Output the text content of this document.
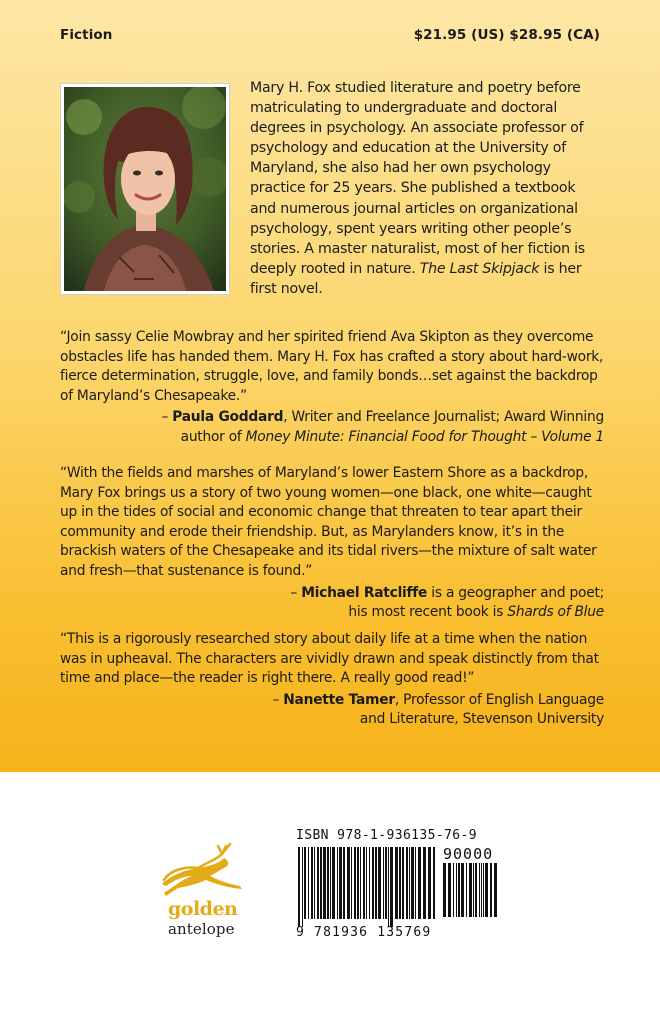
Fiction	$21.95 (US) $28.95 (CA)

Mary H. Fox studied literature and poetry before matriculating to undergraduate and doctoral degrees in psychology. An associate professor of psychology and education at the University of Maryland, she also had her own psychology practice for 25 years. She published a textbook and numerous journal articles on organizational psychology, spent years writing other people’s stories. A master naturalist, most of her fiction is deeply rooted in nature. The Last Skipjack is her first novel.

“Join sassy Celie Mowbray and her spirited friend Ava Skipton as they overcome obstacles life has handed them. Mary H. Fox has crafted a story about hard-work, fierce determination, struggle, love, and family bonds…set against the backdrop of Maryland’s Chesapeake.”

– Paula Goddard, Writer and Freelance Journalist; Award Winning
author of Money Minute: Financial Food for Thought – Volume 1

“With the fields and marshes of Maryland’s lower Eastern Shore as a backdrop, Mary Fox brings us a story of two young women—one black, one white—caught up in the tides of social and economic change that threaten to tear apart their community and erode their friendship. But, as Marylanders know, it’s in the brackish waters of the Chesapeake and its tidal rivers—the mixture of salt water and fresh—that sustenance is found.”

– Michael Ratcliffe is a geographer and poet;
his most recent book is Shards of Blue

“This is a rigorously researched story about daily life at a time when the nation was in upheaval. The characters are vividly drawn and speak distinctly from that time and place—the reader is right there. A really good read!”

– Nanette Tamer, Professor of English Language
and Literature, Stevenson University

golden
antelope
ISBN 978-1-936135-76-9
90000
9 781936 135769
